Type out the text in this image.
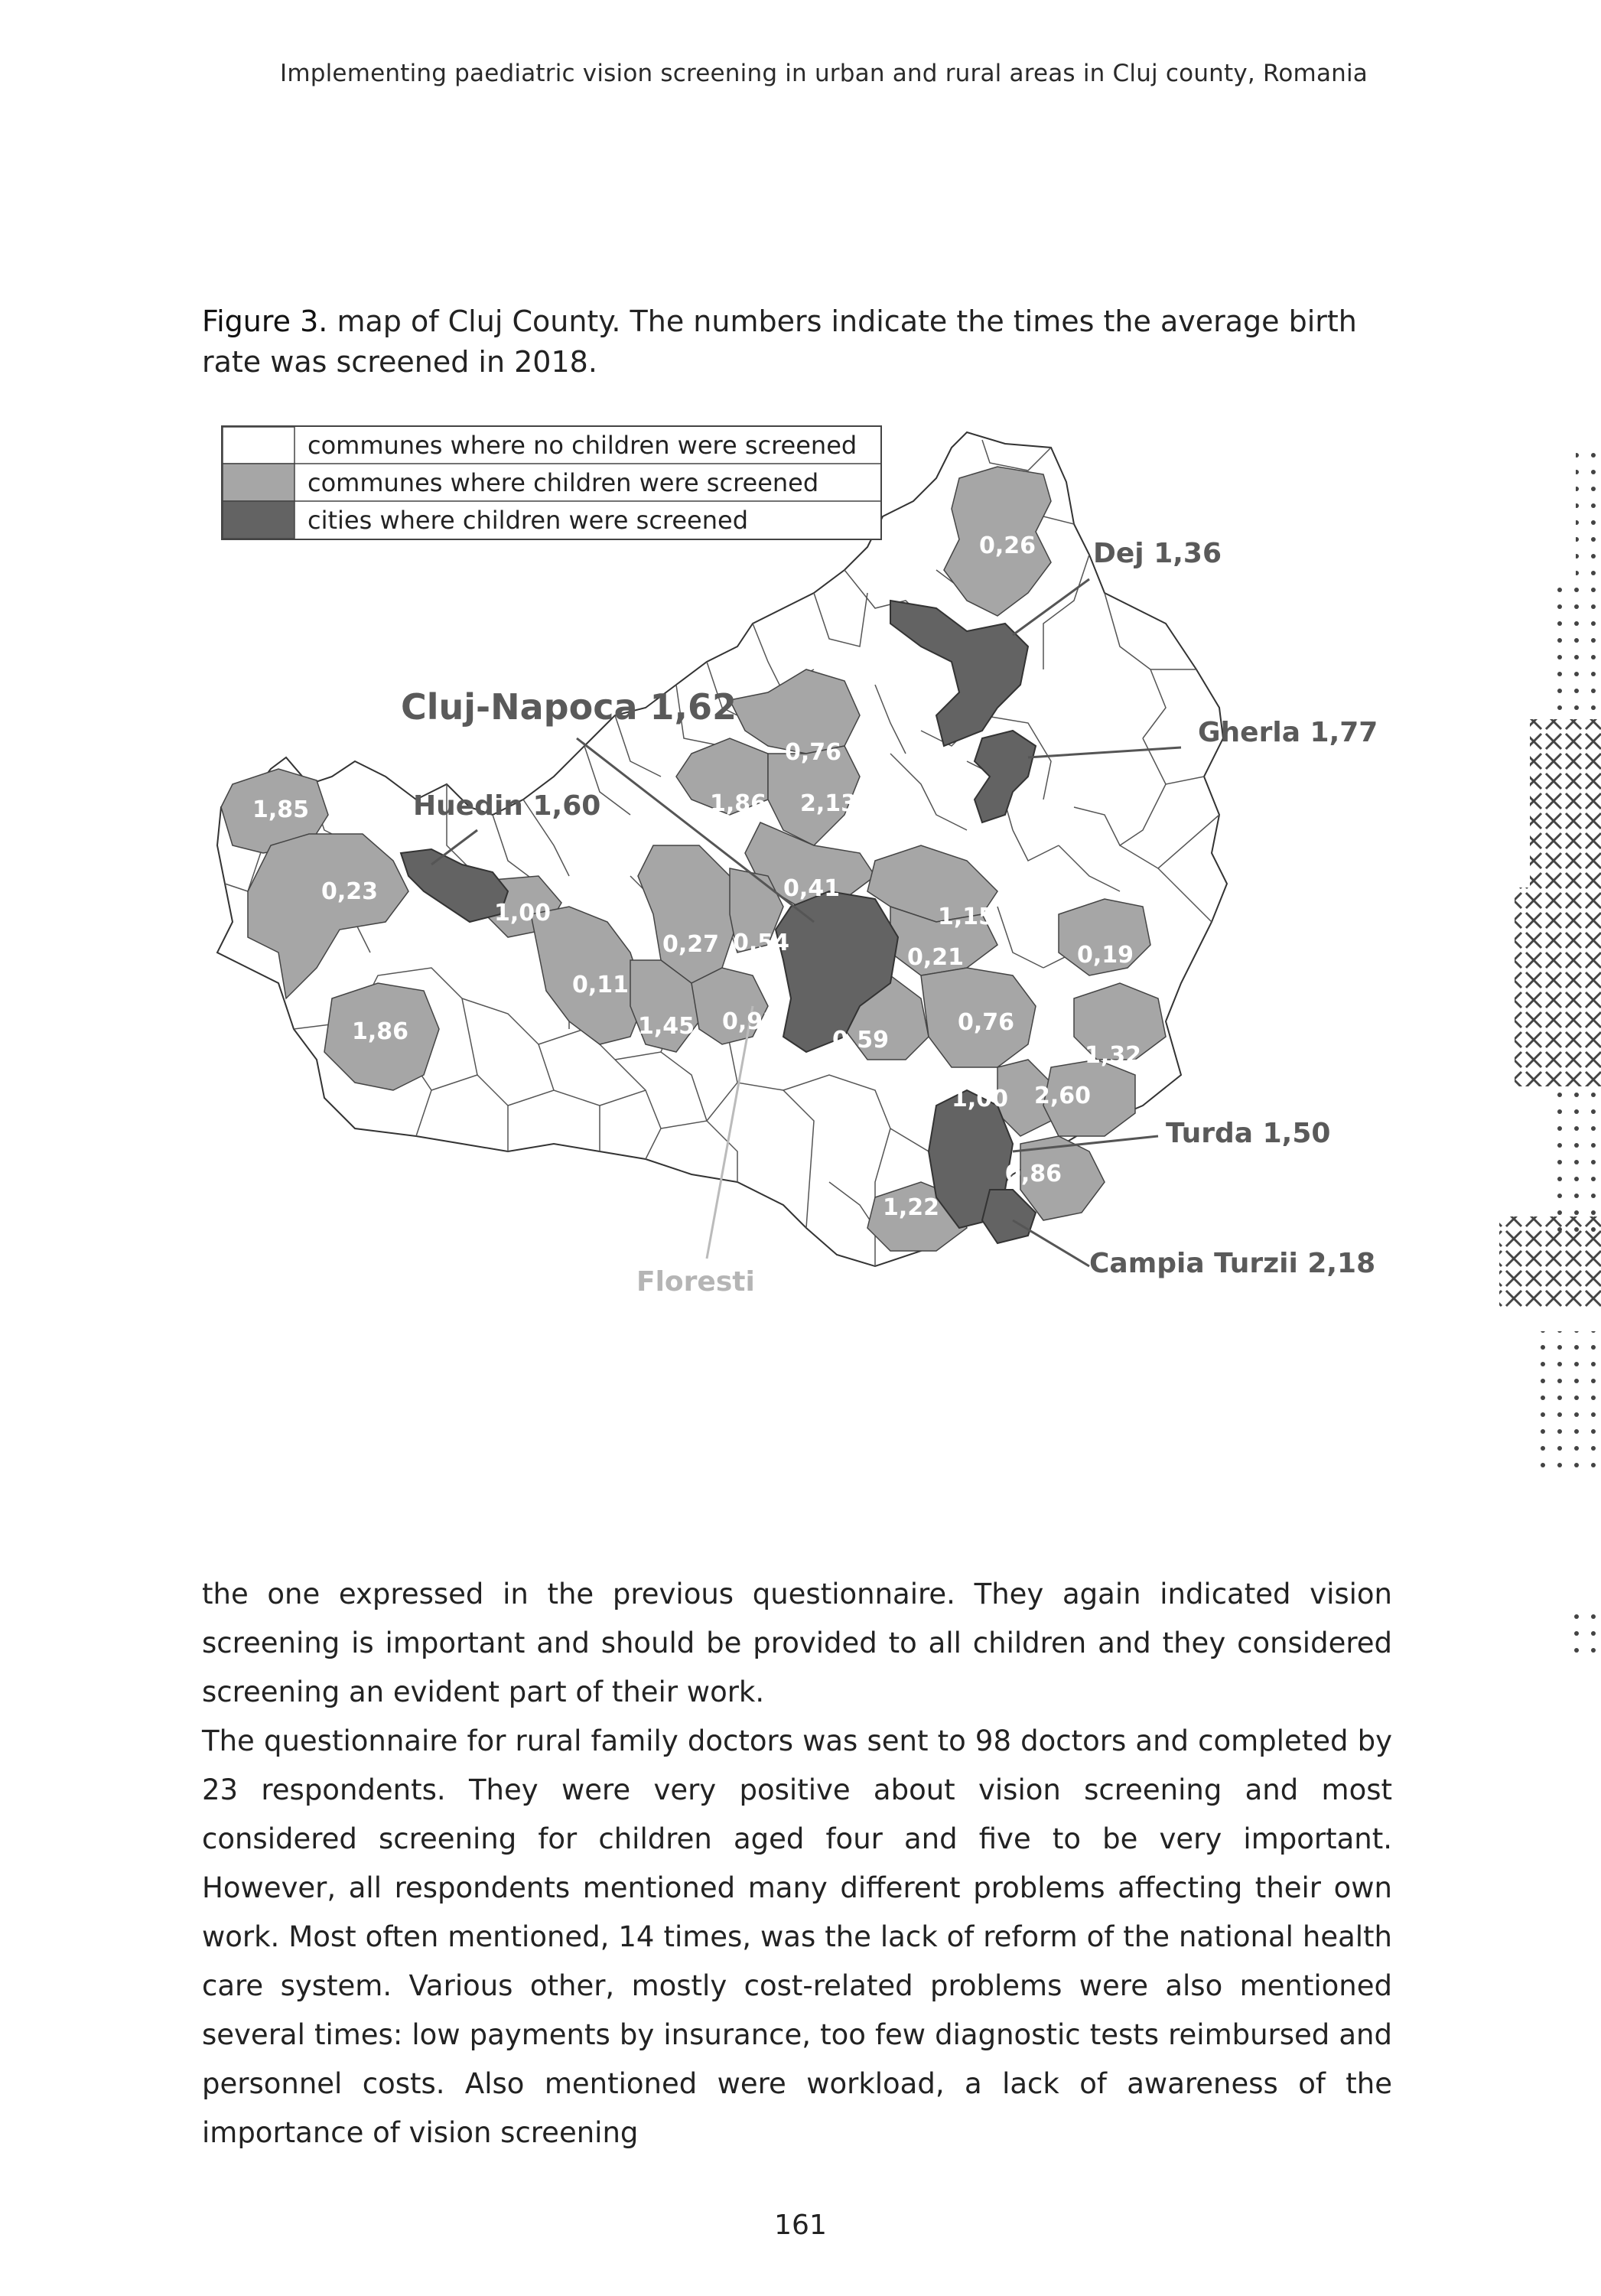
Implementing paediatric vision screening in urban and rural areas in Cluj county, Romania
Figure 3. map of Cluj County. The numbers indicate the times the average birth rate was screened in 2018.
communes where no children were screened
communes where children were screened
cities where children were screened
Dej 1,36
Gherla 1,77
Cluj-Napoca 1,62
Huedin 1,60
Turda 1,50
Campia Turzii 2,18
Floresti
0,26
0,76
1,86 2,13
1,85
0,23
1,00
0,41
1,15
0,27 0,54
0,21	0,19
0,11
1,45 0,92
0,59
0,76
1,86
1,32
1,00 2,60
0,86
1,22

the one expressed in the previous questionnaire. They again indicated vision screening is important and should be provided to all children and they considered screening an evident part of their work.

The questionnaire for rural family doctors was sent to 98 doctors and completed by 23 respondents. They were very positive about vision screening and most considered screening for children aged four and five to be very important. However, all respondents mentioned many different problems affecting their own work. Most often mentioned, 14 times, was the lack of reform of the national health care system. Various other, mostly cost-related problems were also mentioned several times: low payments by insurance, too few diagnostic tests reimbursed and personnel costs. Also mentioned were workload, a lack of awareness of the importance of vision screening

161
